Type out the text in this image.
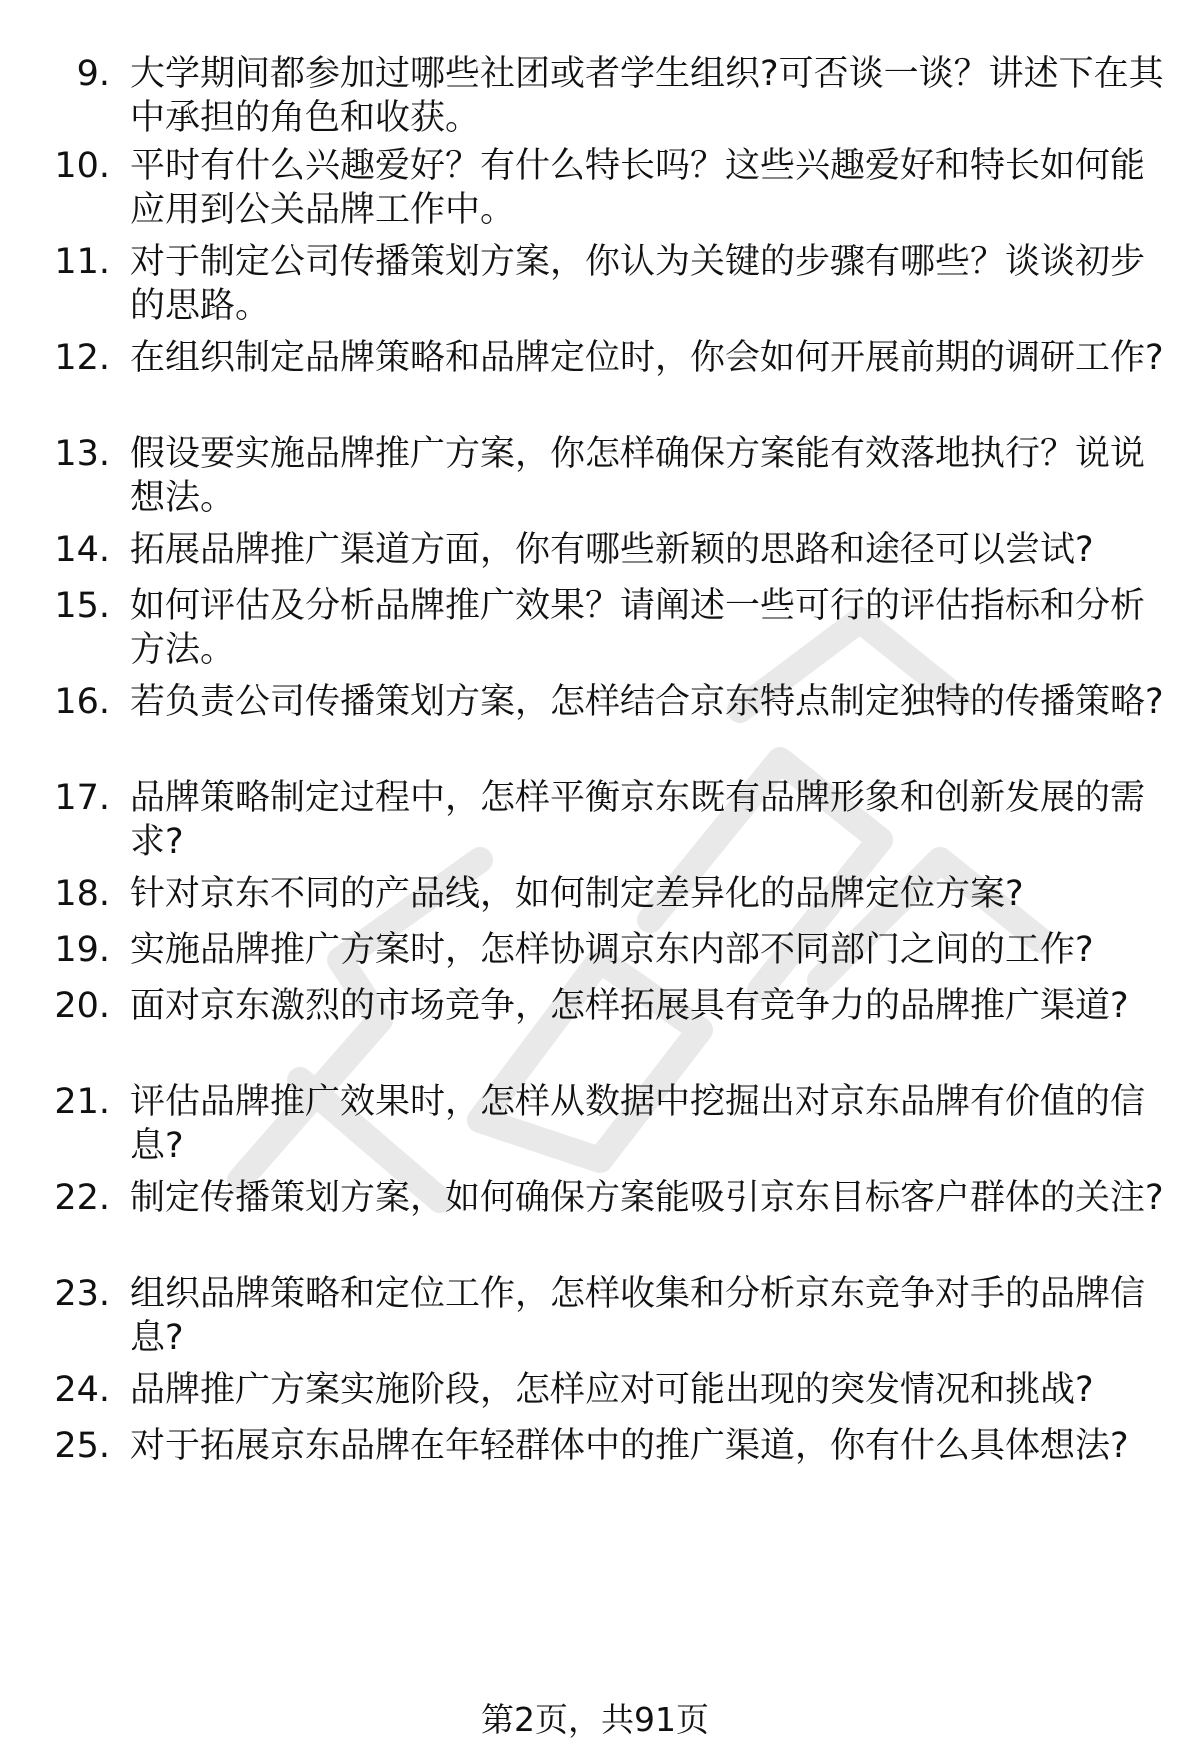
9. 大学期间都参加过哪些社团或者学生组织?可否谈一谈？讲述下在其中承担的角色和收获。
10. 平时有什么兴趣爱好？有什么特长吗？这些兴趣爱好和特长如何能应用到公关品牌工作中。
11. 对于制定公司传播策划方案，你认为关键的步骤有哪些？谈谈初步的思路。
12. 在组织制定品牌策略和品牌定位时，你会如何开展前期的调研工作?
13. 假设要实施品牌推广方案，你怎样确保方案能有效落地执行？说说想法。
14. 拓展品牌推广渠道方面，你有哪些新颖的思路和途径可以尝试?
15. 如何评估及分析品牌推广效果？请阐述一些可行的评估指标和分析方法。
16. 若负责公司传播策划方案，怎样结合京东特点制定独特的传播策略?
17. 品牌策略制定过程中，怎样平衡京东既有品牌形象和创新发展的需求?
18. 针对京东不同的产品线，如何制定差异化的品牌定位方案?
19. 实施品牌推广方案时，怎样协调京东内部不同部门之间的工作?
20. 面对京东激烈的市场竞争，怎样拓展具有竞争力的品牌推广渠道?
21. 评估品牌推广效果时，怎样从数据中挖掘出对京东品牌有价值的信息?
22. 制定传播策划方案，如何确保方案能吸引京东目标客户群体的关注?
23. 组织品牌策略和定位工作，怎样收集和分析京东竞争对手的品牌信息?
24. 品牌推广方案实施阶段，怎样应对可能出现的突发情况和挑战?
25. 对于拓展京东品牌在年轻群体中的推广渠道，你有什么具体想法?
第2页，共91页
